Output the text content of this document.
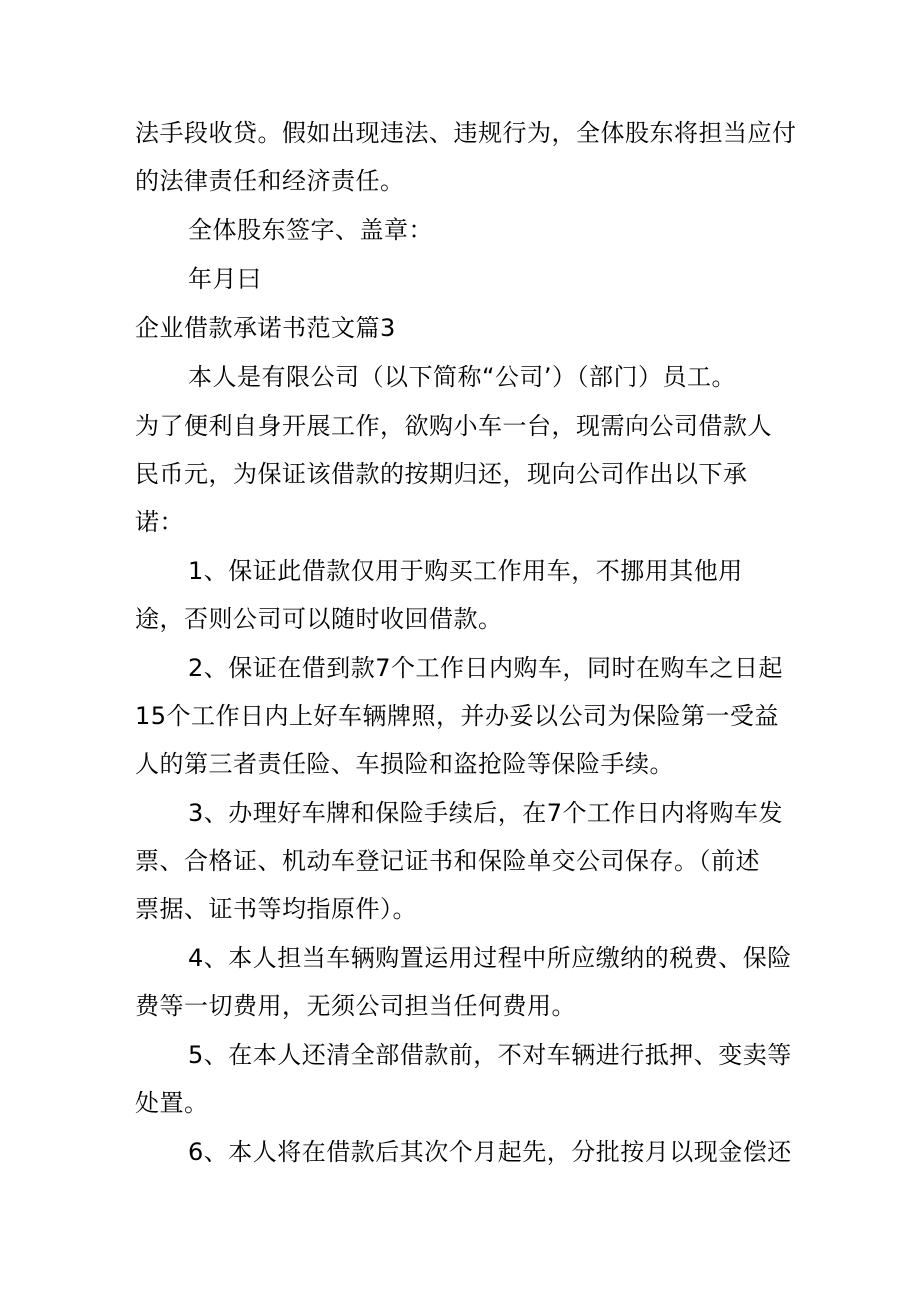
法手段收贷。假如出现违法、违规行为，全体股东将担当应付
的法律责任和经济责任。
全体股东签字、盖章：
年月曰
企业借款承诺书范文篇3
本人是有限公司（以下简称“公司’）（部门）员工。
为了便利自身开展工作，欲购小车一台，现需向公司借款人
民币元，为保证该借款的按期归还，现向公司作出以下承
诺：
1、保证此借款仅用于购买工作用车，不挪用其他用
途，否则公司可以随时收回借款。
2、保证在借到款7个工作日内购车，同时在购车之日起
15个工作日内上好车辆牌照，并办妥以公司为保险第一受益
人的第三者责任险、车损险和盗抢险等保险手续。
3、办理好车牌和保险手续后，在7个工作日内将购车发
票、合格证、机动车登记证书和保险单交公司保存。（前述
票据、证书等均指原件）。
4、本人担当车辆购置运用过程中所应缴纳的税费、保险
费等一切费用，无须公司担当任何费用。
5、在本人还清全部借款前，不对车辆进行抵押、变卖等
处置。
6、本人将在借款后其次个月起先，分批按月以现金偿还
